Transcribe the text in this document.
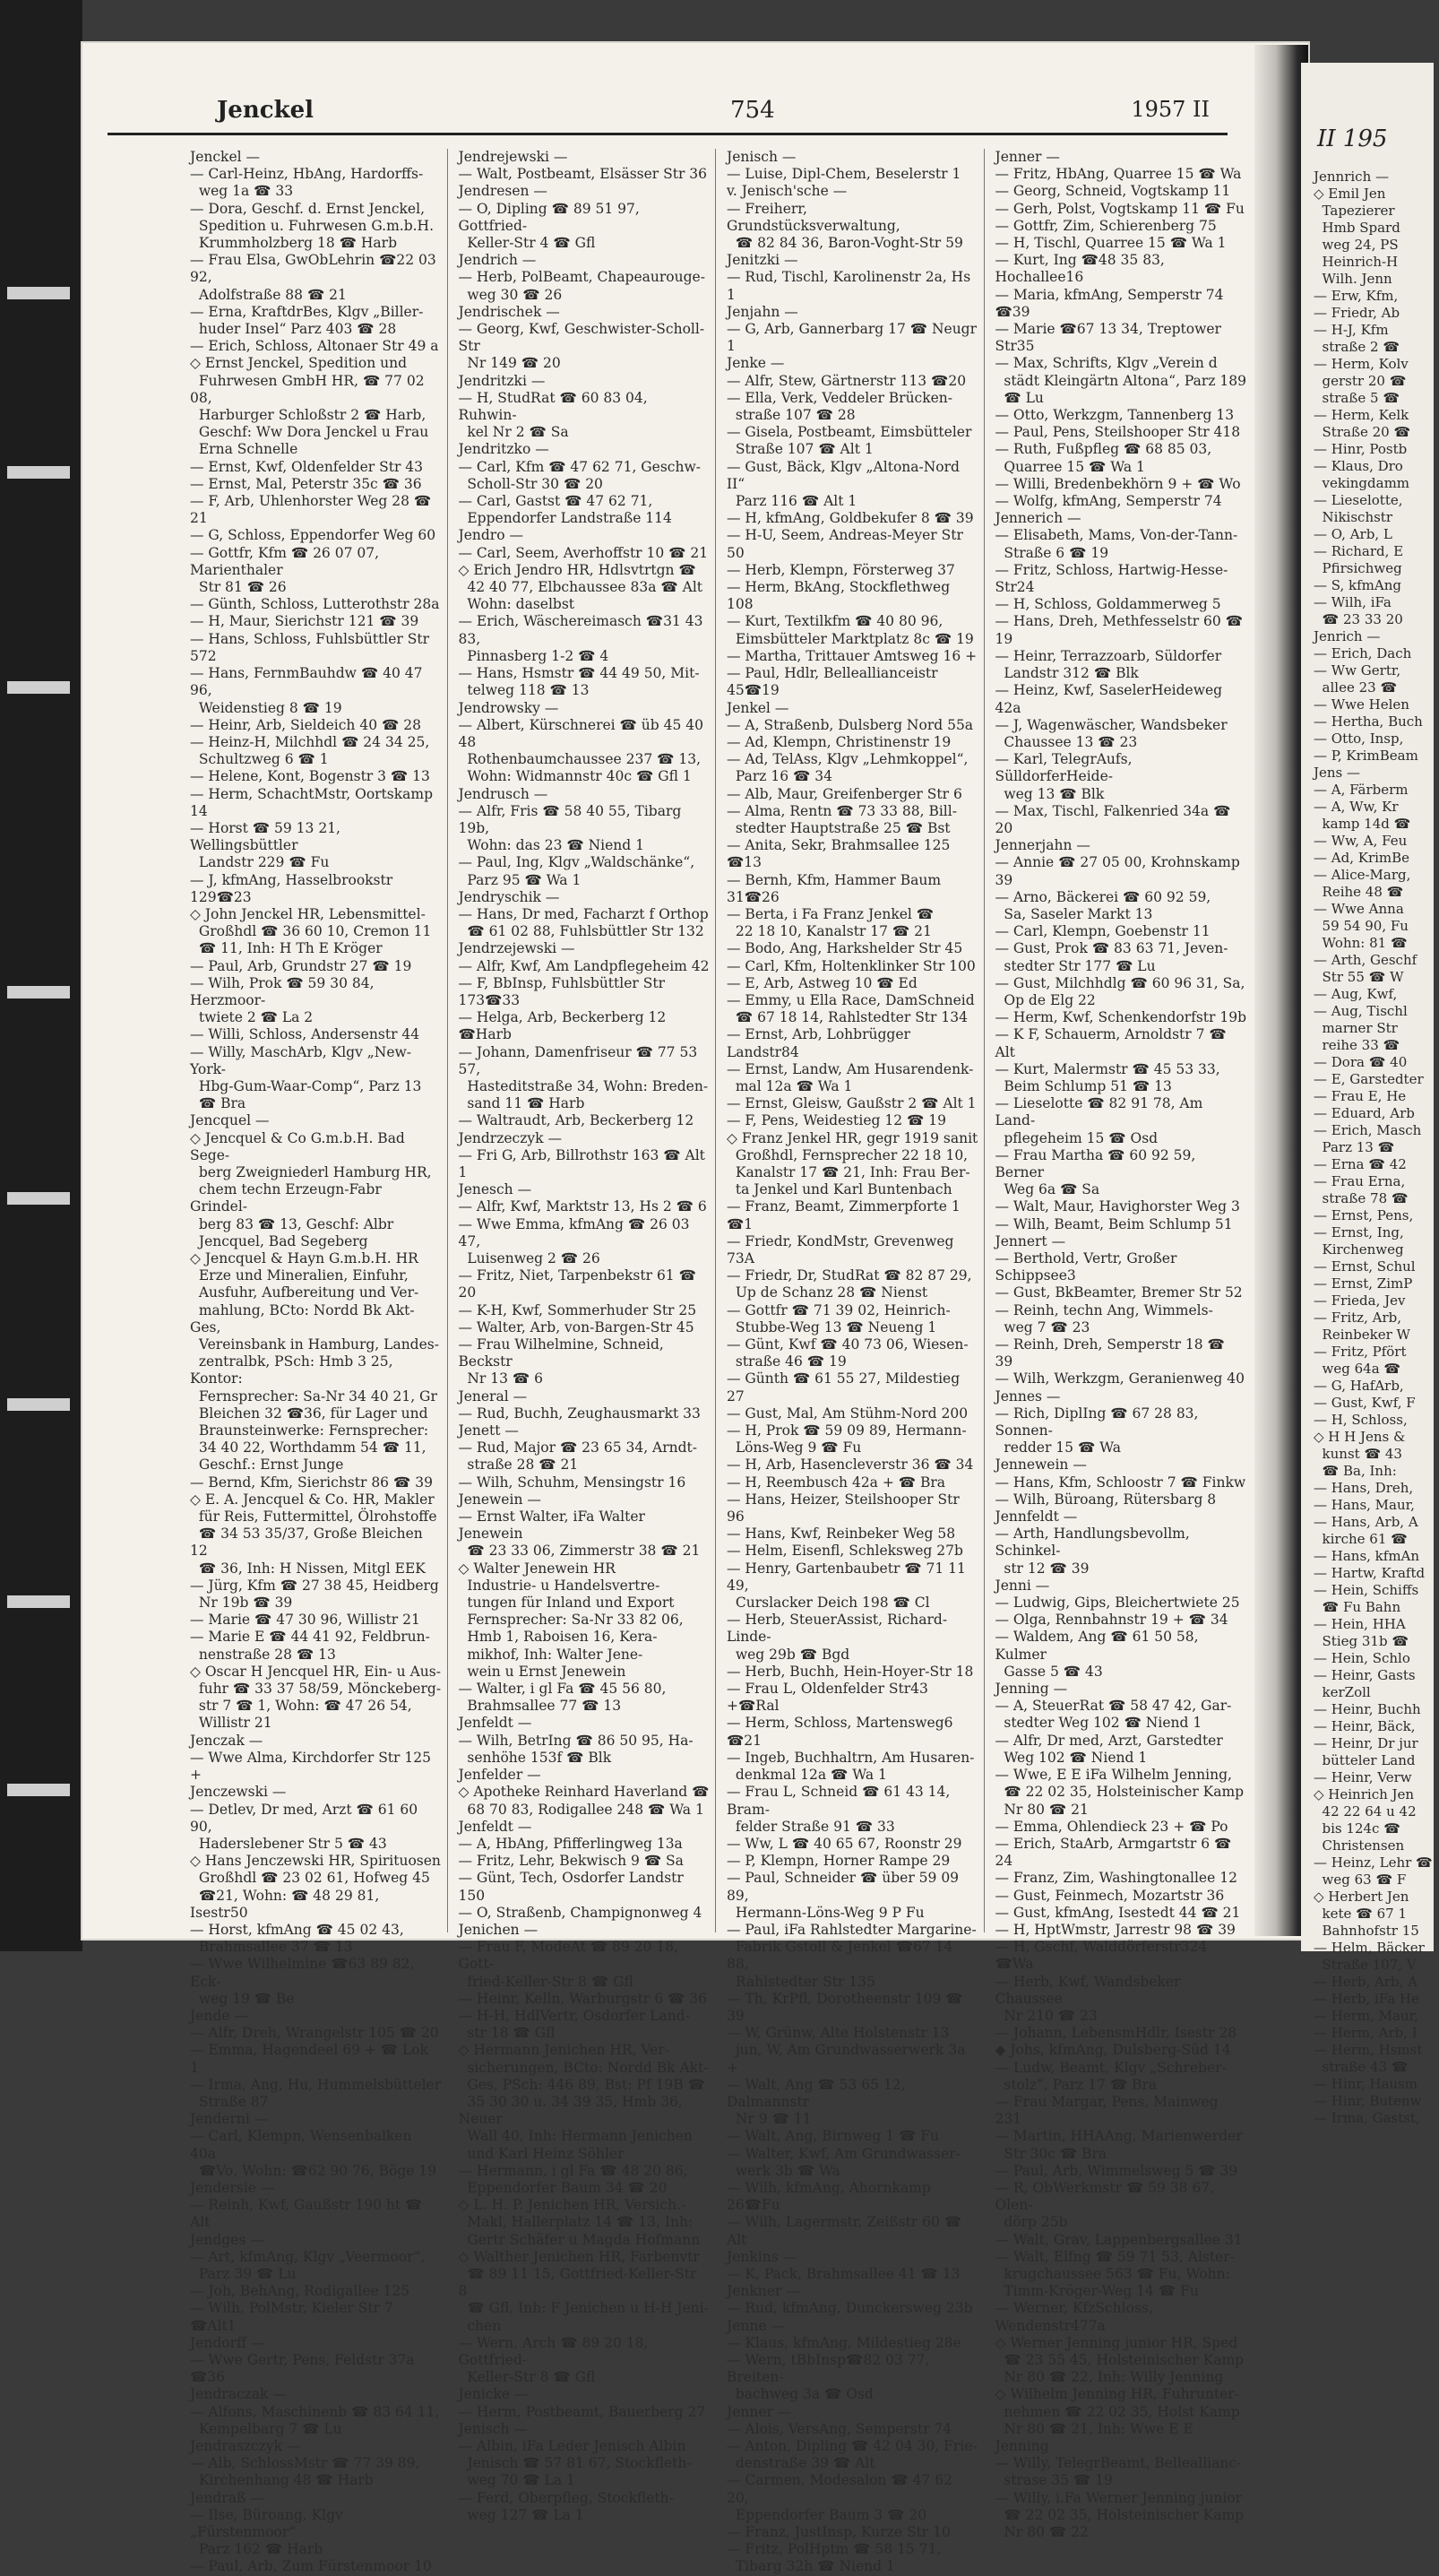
II 195
Jennrich —
◇ Emil Jen
Tapezierer
Hmb Spard
weg 24, PS
Heinrich-H
Wilh. Jenn
— Erw, Kfm,
— Friedr, Ab
— H-J, Kfm
straße 2 ☎
— Herm, Kolv
gerstr 20 ☎
straße 5 ☎
— Herm, Kelk
Straße 20 ☎
— Hinr, Postb
— Klaus, Dro
vekingdamm
— Lieselotte,
Nikischstr
— O, Arb, L
— Richard, E
Pfirsichweg
— S, kfmAng
— Wilh, iFa
☎ 23 33 20
Jenrich —
— Erich, Dach
— Ww Gertr,
allee 23 ☎
— Wwe Helen
— Hertha, Buch
— Otto, Insp,
— P, KrimBeam
Jens —
— A, Färberm
— A, Ww, Kr
kamp 14d ☎
— Ww, A, Feu
— Ad, KrimBe
— Alice-Marg,
Reihe 48 ☎
— Wwe Anna
59 54 90, Fu
Wohn: 81 ☎
— Arth, Geschf
Str 55 ☎ W
— Aug, Kwf,
— Aug, Tischl
marner Str
reihe 33 ☎
— Dora ☎ 40
— E, Garstedter
— Frau E, He
— Eduard, Arb
— Erich, Masch
Parz 13 ☎
— Erna ☎ 42
— Frau Erna,
straße 78 ☎
— Ernst, Pens,
— Ernst, Ing,
Kirchenweg
— Ernst, Schul
— Ernst, ZimP
— Frieda, Jev
— Fritz, Arb,
Reinbeker W
— Fritz, Pfört
weg 64a ☎
— G, HafArb,
— Gust, Kwf, F
— H, Schloss,
◇ H H Jens &
kunst ☎ 43
☎ Ba, Inh:
— Hans, Dreh,
— Hans, Maur,
— Hans, Arb, A
kirche 61 ☎
— Hans, kfmAn
— Hartw, Kraftd
— Hein, Schiffs
☎ Fu Bahn
— Hein, HHA
Stieg 31b ☎
— Hein, Schlo
— Heinr, Gasts
kerZoll
— Heinr, Buchh
— Heinr, Bäck,
— Heinr, Dr jur
bütteler Land
— Heinr, Verw
◇ Heinrich Jen
42 22 64 u 42
bis 124c ☎
Christensen
— Heinz, Lehr ☎
weg 63 ☎ F
◇ Herbert Jen
kete ☎ 67 1
Bahnhofstr 15
— Helm, Bäcker
Straße 107, V
— Herb, Arb, A
— Herb, iFa He
— Herm, Maur,
— Herm, Arb, I
— Herm, Hsmst
straße 43 ☎
— Hinr, Hausm
— Hinr, Butenw
— Irma, Gastst,
Jenckel	754	1957 II

Jenckel —
— Carl-Heinz, HbAng, Hardorffs-
weg 1a ☎ 33
— Dora, Geschf. d. Ernst Jenckel,
Spedition u. Fuhrwesen G.m.b.H.
Krummholzberg 18 ☎ Harb
— Frau Elsa, GwObLehrin ☎22 03 92,
Adolfstraße 88 ☎ 21
— Erna, KraftdrBes, Klgv „Biller-
huder Insel“ Parz 403 ☎ 28
— Erich, Schloss, Altonaer Str 49 a
◇ Ernst Jenckel, Spedition und
Fuhrwesen GmbH HR, ☎ 77 02 08,
Harburger Schloßstr 2 ☎ Harb,
Geschf: Ww Dora Jenckel u Frau
Erna Schnelle
— Ernst, Kwf, Oldenfelder Str 43
— Ernst, Mal, Peterstr 35c ☎ 36
— F, Arb, Uhlenhorster Weg 28 ☎ 21
— G, Schloss, Eppendorfer Weg 60
— Gottfr, Kfm ☎ 26 07 07, Marienthaler
Str 81 ☎ 26
— Günth, Schloss, Lutterothstr 28a
— H, Maur, Sierichstr 121 ☎ 39
— Hans, Schloss, Fuhlsbüttler Str 572
— Hans, FernmBauhdw ☎ 40 47 96,
Weidenstieg 8 ☎ 19
— Heinr, Arb, Sieldeich 40 ☎ 28
— Heinz-H, Milchhdl ☎ 24 34 25,
Schultzweg 6 ☎ 1
— Helene, Kont, Bogenstr 3 ☎ 13
— Herm, SchachtMstr, Oortskamp 14
— Horst ☎ 59 13 21, Wellingsbüttler
Landstr 229 ☎ Fu
— J, kfmAng, Hasselbrookstr 129☎23
◇ John Jenckel HR, Lebensmittel-
Großhdl ☎ 36 60 10, Cremon 11
☎ 11, Inh: H Th E Kröger
— Paul, Arb, Grundstr 27 ☎ 19
— Wilh, Prok ☎ 59 30 84, Herzmoor-
twiete 2 ☎ La 2
— Willi, Schloss, Andersenstr 44
— Willy, MaschArb, Klgv „New-York-
Hbg-Gum-Waar-Comp“, Parz 13
☎ Bra
Jencquel —
◇ Jencquel & Co G.m.b.H. Bad Sege-
berg Zweigniederl Hamburg HR,
chem techn Erzeugn-Fabr Grindel-
berg 83 ☎ 13, Geschf: Albr
Jencquel, Bad Segeberg
◇ Jencquel & Hayn G.m.b.H. HR
Erze und Mineralien, Einfuhr,
Ausfuhr, Aufbereitung und Ver-
mahlung, BCto: Nordd Bk Akt-Ges,
Vereinsbank in Hamburg, Landes-
zentralbk, PSch: Hmb 3 25, Kontor:
Fernsprecher: Sa-Nr 34 40 21, Gr
Bleichen 32 ☎36, für Lager und
Braunsteinwerke: Fernsprecher:
34 40 22, Worthdamm 54 ☎ 11,
Geschf.: Ernst Junge
— Bernd, Kfm, Sierichstr 86 ☎ 39
◇ E. A. Jencquel & Co. HR, Makler
für Reis, Futtermittel, Ölrohstoffe
☎ 34 53 35/37, Große Bleichen 12
☎ 36, Inh: H Nissen, Mitgl EEK
— Jürg, Kfm ☎ 27 38 45, Heidberg
Nr 19b ☎ 39
— Marie ☎ 47 30 96, Willistr 21
— Marie E ☎ 44 41 92, Feldbrun-
nenstraße 28 ☎ 13
◇ Oscar H Jencquel HR, Ein- u Aus-
fuhr ☎ 33 37 58/59, Mönckeberg-
str 7 ☎ 1, Wohn: ☎ 47 26 54,
Willistr 21
Jenczak —
— Wwe Alma, Kirchdorfer Str 125 +
Jenczewski —
— Detlev, Dr med, Arzt ☎ 61 60 90,
Haderslebener Str 5 ☎ 43
◇ Hans Jenczewski HR, Spirituosen
Großhdl ☎ 23 02 61, Hofweg 45
☎21, Wohn: ☎ 48 29 81, Isestr50
— Horst, kfmAng ☎ 45 02 43,
Brahmsallee 37 ☎ 13
— Wwe Wilhelmine ☎63 89 82, Eck-
weg 19 ☎ Be
Jende —
— Alfr, Dreh, Wrangelstr 105 ☎ 20
— Emma, Hagendeel 69 + ☎ Lok 1
— Irma, Ang, Hu, Hummelsbütteler
Straße 87
Jenderni —
— Carl, Klempn, Wensenbalken 40a
☎Vo, Wohn: ☎62 90 76, Böge 19
Jendersie —
— Reinh, Kwf, Gaußstr 190 ht ☎ Alt
Jendges —
— Art, kfmAng, Klgv „Veermoor“,
Parz 39 ☎ Lu
— Joh, BehAng, Rodigallee 125
— Wilh, PolMstr, Kieler Str 7 ☎Alt1
Jendorff —
— Wwe Gertr, Pens, Feldstr 37a ☎36
Jendraczak —
— Alfons, Maschinenb ☎ 83 64 11,
Kempelbarg 7 ☎ Lu
Jendraszczyk —
— Alb, SchlossMstr ☎ 77 39 89,
Kirchenhang 48 ☎ Harb
Jendraß —
— Ilse, Büroang, Klgv „Fürstenmoor“
Parz 162 ☎ Harb
— Paul, Arb, Zum Fürstenmoor 10

Jendrejewski —
— Walt, Postbeamt, Elsässer Str 36
Jendresen —
— O, Dipling ☎ 89 51 97, Gottfried-
Keller-Str 4 ☎ Gfl
Jendrich —
— Herb, PolBeamt, Chapeaurouge-
weg 30 ☎ 26
Jendrischek —
— Georg, Kwf, Geschwister-Scholl-Str
Nr 149 ☎ 20
Jendritzki —
— H, StudRat ☎ 60 83 04, Ruhwin-
kel Nr 2 ☎ Sa
Jendritzko —
— Carl, Kfm ☎ 47 62 71, Geschw-
Scholl-Str 30 ☎ 20
— Carl, Gastst ☎ 47 62 71,
Eppendorfer Landstraße 114
Jendro —
— Carl, Seem, Averhoffstr 10 ☎ 21
◇ Erich Jendro HR, Hdlsvtrtgn ☎
42 40 77, Elbchaussee 83a ☎ Alt
Wohn: daselbst
— Erich, Wäschereimasch ☎31 43 83,
Pinnasberg 1-2 ☎ 4
— Hans, Hsmstr ☎ 44 49 50, Mit-
telweg 118 ☎ 13
Jendrowsky —
— Albert, Kürschnerei ☎ üb 45 40 48
Rothenbaumchaussee 237 ☎ 13,
Wohn: Widmannstr 40c ☎ Gfl 1
Jendrusch —
— Alfr, Fris ☎ 58 40 55, Tibarg 19b,
Wohn: das 23 ☎ Niend 1
— Paul, Ing, Klgv „Waldschänke“,
Parz 95 ☎ Wa 1
Jendryschik —
— Hans, Dr med, Facharzt f Orthop
☎ 61 02 88, Fuhlsbüttler Str 132
Jendrzejewski —
— Alfr, Kwf, Am Landpflegeheim 42
— F, BbInsp, Fuhlsbüttler Str 173☎33
— Helga, Arb, Beckerberg 12 ☎Harb
— Johann, Damenfriseur ☎ 77 53 57,
Hasteditstraße 34, Wohn: Breden-
sand 11 ☎ Harb
— Waltraudt, Arb, Beckerberg 12
Jendrzeczyk —
— Fri G, Arb, Billrothstr 163 ☎ Alt 1
Jenesch —
— Alfr, Kwf, Marktstr 13, Hs 2 ☎ 6
— Wwe Emma, kfmAng ☎ 26 03 47,
Luisenweg 2 ☎ 26
— Fritz, Niet, Tarpenbekstr 61 ☎ 20
— K-H, Kwf, Sommerhuder Str 25
— Walter, Arb, von-Bargen-Str 45
— Frau Wilhelmine, Schneid, Beckstr
Nr 13 ☎ 6
Jeneral —
— Rud, Buchh, Zeughausmarkt 33
Jenett —
— Rud, Major ☎ 23 65 34, Arndt-
straße 28 ☎ 21
— Wilh, Schuhm, Mensingstr 16
Jenewein —
— Ernst Walter, iFa Walter Jenewein
☎ 23 33 06, Zimmerstr 38 ☎ 21
◇ Walter Jenewein HR
Industrie- u Handelsvertre-
tungen für Inland und Export
Fernsprecher: Sa-Nr 33 82 06,
Hmb 1, Raboisen 16, Kera-
mikhof, Inh: Walter Jene-
wein u Ernst Jenewein
— Walter, i gl Fa ☎ 45 56 80,
Brahmsallee 77 ☎ 13
Jenfeldt —
— Wilh, BetrIng ☎ 86 50 95, Ha-
senhöhe 153f ☎ Blk
Jenfelder —
◇ Apotheke Reinhard Haverland ☎
68 70 83, Rodigallee 248 ☎ Wa 1
Jenfeldt —
— A, HbAng, Pfifferlingweg 13a
— Fritz, Lehr, Bekwisch 9 ☎ Sa
— Günt, Tech, Osdorfer Landstr 150
— O, Straßenb, Champignonweg 4
Jenichen —
— Frau F, ModeAt ☎ 89 20 18, Gott-
fried-Keller-Str 8 ☎ Gfl
— Heinr, Kelln, Warburgstr 6 ☎ 36
— H-H, HdlVertr, Osdorfer Land-
str 18 ☎ Gfl
◇ Hermann Jenichen HR, Ver-
sicherungen, BCto: Nordd Bk Akt-
Ges, PSch: 446 89, Bst: Pf 19B ☎
35 30 30 u. 34 39 35, Hmb 36, Neuer
Wall 40, Inh: Hermann Jenichen
und Karl Heinz Söhler
— Hermann, i gl Fa ☎ 48 20 86,
Eppendorfer Baum 34 ☎ 20
◇ L. H. P. Jenichen HR, Versich.-
Makl, Hallerplatz 14 ☎ 13, Inh:
Gertr Schäfer u Magda Hofmann
◇ Walther Jenichen HR, Farbenvtr
☎ 89 11 15, Gottfried-Keller-Str 8
☎ Gfl, Inh: F Jenichen u H-H Jeni-
chen
— Wern, Arch ☎ 89 20 18, Gottfried-
Keller-Str 8 ☎ Gfl
Jenicke —
— Herm, Postbeamt, Bauerberg 27
Jenisch —
— Albin, iFa Leder Jenisch Albin
Jenisch ☎ 57 81 67, Stockfleth-
weg 70 ☎ La 1
— Ferd, Oberpfleg, Stockfleth-
weg 127 ☎ La 1

Jenisch —
— Luise, Dipl-Chem, Beselerstr 1
v. Jenisch'sche —
— Freiherr, Grundstücksverwaltung,
☎ 82 84 36, Baron-Voght-Str 59
Jenitzki —
— Rud, Tischl, Karolinenstr 2a, Hs 1
Jenjahn —
— G, Arb, Gannerbarg 17 ☎ Neugr 1
Jenke —
— Alfr, Stew, Gärtnerstr 113 ☎20
— Ella, Verk, Veddeler Brücken-
straße 107 ☎ 28
— Gisela, Postbeamt, Eimsbütteler
Straße 107 ☎ Alt 1
— Gust, Bäck, Klgv „Altona-Nord II“
Parz 116 ☎ Alt 1
— H, kfmAng, Goldbekufer 8 ☎ 39
— H-U, Seem, Andreas-Meyer Str 50
— Herb, Klempn, Försterweg 37
— Herm, BkAng, Stockflethweg 108
— Kurt, Textilkfm ☎ 40 80 96,
Eimsbütteler Marktplatz 8c ☎ 19
— Martha, Trittauer Amtsweg 16 +
— Paul, Hdlr, Belleallianceistr 45☎19
Jenkel —
— A, Straßenb, Dulsberg Nord 55a
— Ad, Klempn, Christinenstr 19
— Ad, TelAss, Klgv „Lehmkoppel“,
Parz 16 ☎ 34
— Alb, Maur, Greifenberger Str 6
— Alma, Rentn ☎ 73 33 88, Bill-
stedter Hauptstraße 25 ☎ Bst
— Anita, Sekr, Brahmsallee 125 ☎13
— Bernh, Kfm, Hammer Baum 31☎26
— Berta, i Fa Franz Jenkel ☎
22 18 10, Kanalstr 17 ☎ 21
— Bodo, Ang, Harkshelder Str 45
— Carl, Kfm, Holtenklinker Str 100
— E, Arb, Astweg 10 ☎ Ed
— Emmy, u Ella Race, DamSchneid
☎ 67 18 14, Rahlstedter Str 134
— Ernst, Arb, Lohbrügger Landstr84
— Ernst, Landw, Am Husarendenk-
mal 12a ☎ Wa 1
— Ernst, Gleisw, Gaußstr 2 ☎ Alt 1
— F, Pens, Weidestieg 12 ☎ 19
◇ Franz Jenkel HR, gegr 1919 sanit
Großhdl, Fernsprecher 22 18 10,
Kanalstr 17 ☎ 21, Inh: Frau Ber-
ta Jenkel und Karl Buntenbach
— Franz, Beamt, Zimmerpforte 1 ☎1
— Friedr, KondMstr, Grevenweg 73A
— Friedr, Dr, StudRat ☎ 82 87 29,
Up de Schanz 28 ☎ Nienst
— Gottfr ☎ 71 39 02, Heinrich-
Stubbe-Weg 13 ☎ Neueng 1
— Günt, Kwf ☎ 40 73 06, Wiesen-
straße 46 ☎ 19
— Günth ☎ 61 55 27, Mildestieg 27
— Gust, Mal, Am Stühm-Nord 200
— H, Prok ☎ 59 09 89, Hermann-
Löns-Weg 9 ☎ Fu
— H, Arb, Hasencleverstr 36 ☎ 34
— H, Reembusch 42a + ☎ Bra
— Hans, Heizer, Steilshooper Str 96
— Hans, Kwf, Reinbeker Weg 58
— Helm, Eisenfl, Schleksweg 27b
— Henry, Gartenbaubetr ☎ 71 11 49,
Curslacker Deich 198 ☎ Cl
— Herb, SteuerAssist, Richard-Linde-
weg 29b ☎ Bgd
— Herb, Buchh, Hein-Hoyer-Str 18
— Frau L, Oldenfelder Str43 +☎Ral
— Herm, Schloss, Martensweg6 ☎21
— Ingeb, Buchhaltrn, Am Husaren-
denkmal 12a ☎ Wa 1
— Frau L, Schneid ☎ 61 43 14, Bram-
felder Straße 91 ☎ 33
— Ww, L ☎ 40 65 67, Roonstr 29
— P, Klempn, Horner Rampe 29
— Paul, Schneider ☎ über 59 09 89,
Hermann-Löns-Weg 9 P Fu
— Paul, iFa Rahlstedter Margarine-
Fabrik Gstoll & Jenkel ☎67 14 88,
Rahlstedter Str 135
— Th, KrPfl, Dorotheenstr 109 ☎ 39
— W, Grünw, Alte Holstenstr 13
jun, W, Am Grundwasserwerk 3a +
— Walt, Ang ☎ 53 65 12, Dalmannstr
Nr 9 ☎ 11
— Walt, Ang, Birnweg 1 ☎ Fu
— Walter, Kwf, Am Grundwasser-
werk 3b ☎ Wa
— Wilh, kfmAng, Ahornkamp 26☎Fu
— Wilh, Lagermstr, Zeißstr 60 ☎ Alt
Jenkins —
— K, Pack, Brahmsallee 41 ☎ 13
Jenkner —
— Rud, kfmAng, Dunckersweg 23b
Jenne —
— Klaus, kfmAng, Mildestieg 28e
— Wern, tBbInsp☎82 03 77, Breiten-
bachweg 3a ☎ Osd
Jenner —
— Alois, VersAng, Semperstr 74
— Anton, Dipling ☎ 42 04 30, Frie-
denstraße 39 ☎ Alt
— Carmen, Modesalon ☎ 47 62 20,
Eppendorfer Baum 3 ☎ 20
— Franz, JustInsp, Kurze Str 10
— Fritz, PolHptm ☎ 58 15 71,
Tibarg 32h ☎ Niend 1

Jenner —
— Fritz, HbAng, Quarree 15 ☎ Wa
— Georg, Schneid, Vogtskamp 11
— Gerh, Polst, Vogtskamp 11 ☎ Fu
— Gottfr, Zim, Schierenberg 75
— H, Tischl, Quarree 15 ☎ Wa 1
— Kurt, Ing ☎48 35 83, Hochallee16
— Maria, kfmAng, Semperstr 74 ☎39
— Marie ☎67 13 34, Treptower Str35
— Max, Schrifts, Klgv „Verein d
städt Kleingärtn Altona“, Parz 189
☎ Lu
— Otto, Werkzgm, Tannenberg 13
— Paul, Pens, Steilshooper Str 418
— Ruth, Fußpfleg ☎ 68 85 03,
Quarree 15 ☎ Wa 1
— Willi, Bredenbekhörn 9 + ☎ Wo
— Wolfg, kfmAng, Semperstr 74
Jennerich —
— Elisabeth, Mams, Von-der-Tann-
Straße 6 ☎ 19
— Fritz, Schloss, Hartwig-Hesse-Str24
— H, Schloss, Goldammerweg 5
— Hans, Dreh, Methfesselstr 60 ☎ 19
— Heinr, Terrazzoarb, Süldorfer
Landstr 312 ☎ Blk
— Heinz, Kwf, SaselerHeideweg 42a
— J, Wagenwäscher, Wandsbeker
Chaussee 13 ☎ 23
— Karl, TelegrAufs, SülldorferHeide-
weg 13 ☎ Blk
— Max, Tischl, Falkenried 34a ☎ 20
Jennerjahn —
— Annie ☎ 27 05 00, Krohnskamp 39
— Arno, Bäckerei ☎ 60 92 59,
Sa, Saseler Markt 13
— Carl, Klempn, Goebenstr 11
— Gust, Prok ☎ 83 63 71, Jeven-
stedter Str 177 ☎ Lu
— Gust, Milchhdlg ☎ 60 96 31, Sa,
Op de Elg 22
— Herm, Kwf, Schenkendorfstr 19b
— K F, Schauerm, Arnoldstr 7 ☎ Alt
— Kurt, Malermstr ☎ 45 53 33,
Beim Schlump 51 ☎ 13
— Lieselotte ☎ 82 91 78, Am Land-
pflegeheim 15 ☎ Osd
— Frau Martha ☎ 60 92 59, Berner
Weg 6a ☎ Sa
— Walt, Maur, Havighorster Weg 3
— Wilh, Beamt, Beim Schlump 51
Jennert —
— Berthold, Vertr, Großer Schippsee3
— Gust, BkBeamter, Bremer Str 52
— Reinh, techn Ang, Wimmels-
weg 7 ☎ 23
— Reinh, Dreh, Semperstr 18 ☎ 39
— Wilh, Werkzgm, Geranienweg 40
Jennes —
— Rich, DiplIng ☎ 67 28 83, Sonnen-
redder 15 ☎ Wa
Jennewein —
— Hans, Kfm, Schloostr 7 ☎ Finkw
— Wilh, Büroang, Rütersbarg 8
Jennfeldt —
— Arth, Handlungsbevollm, Schinkel-
str 12 ☎ 39
Jenni —
— Ludwig, Gips, Bleichertwiete 25
— Olga, Rennbahnstr 19 + ☎ 34
— Waldem, Ang ☎ 61 50 58, Kulmer
Gasse 5 ☎ 43
Jenning —
— A, SteuerRat ☎ 58 47 42, Gar-
stedter Weg 102 ☎ Niend 1
— Alfr, Dr med, Arzt, Garstedter
Weg 102 ☎ Niend 1
— Wwe, E E iFa Wilhelm Jenning,
☎ 22 02 35, Holsteinischer Kamp
Nr 80 ☎ 21
— Emma, Ohlendieck 23 + ☎ Po
— Erich, StaArb, Armgartstr 6 ☎ 24
— Franz, Zim, Washingtonallee 12
— Gust, Feinmech, Mozartstr 36
— Gust, kfmAng, Isestedt 44 ☎ 21
— H, HptWmstr, Jarrestr 98 ☎ 39
— H, Gschf, Walddörferstr324 ☎Wa
— Herb, Kwf, Wandsbeker Chaussee
Nr 210 ☎ 23
— Johann, LebensmHdlr, Isestr 28
◆ Johs, kfmAng, Dulsberg-Süd 14
— Ludw, Beamt, Klgv „Schreber-
stolz“, Parz 17 ☎ Bra
— Frau Margar, Pens, Mainweg 231
— Martin, HHAAng, Marienwerder
Str 30c ☎ Bra
— Paul, Arb, Wimmelsweg 5 ☎ 39
— R, ObWerkmstr ☎ 59 38 67, Olen-
dörp 25b
— Walt, Grav, Lappenbergsallee 31
— Walt, Elfng ☎ 59 71 53, Alster-
krugchaussee 563 ☎ Fu, Wohn:
Timm-Kröger-Weg 14 ☎ Fu
— Werner, KfzSchloss, Wendenstr477a
◇ Werner Jenning junior HR, Sped
☎ 23 55 45, Holsteinischer Kamp
Nr 80 ☎ 22, Inh: Willy Jenning
◇ Wilhelm Jenning HR, Fuhrunter-
nehmen ☎ 22 02 35, Holst Kamp
Nr 80 ☎ 21, Inh: Wwe E E Jenning
— Willy, TelegrBeamt, Belleallianc-
strase 35 ☎ 19
— Willy, i.Fa Werner Jenning junior
☎ 22 02 35, Holsteinischer Kamp
Nr 80 ☎ 22
